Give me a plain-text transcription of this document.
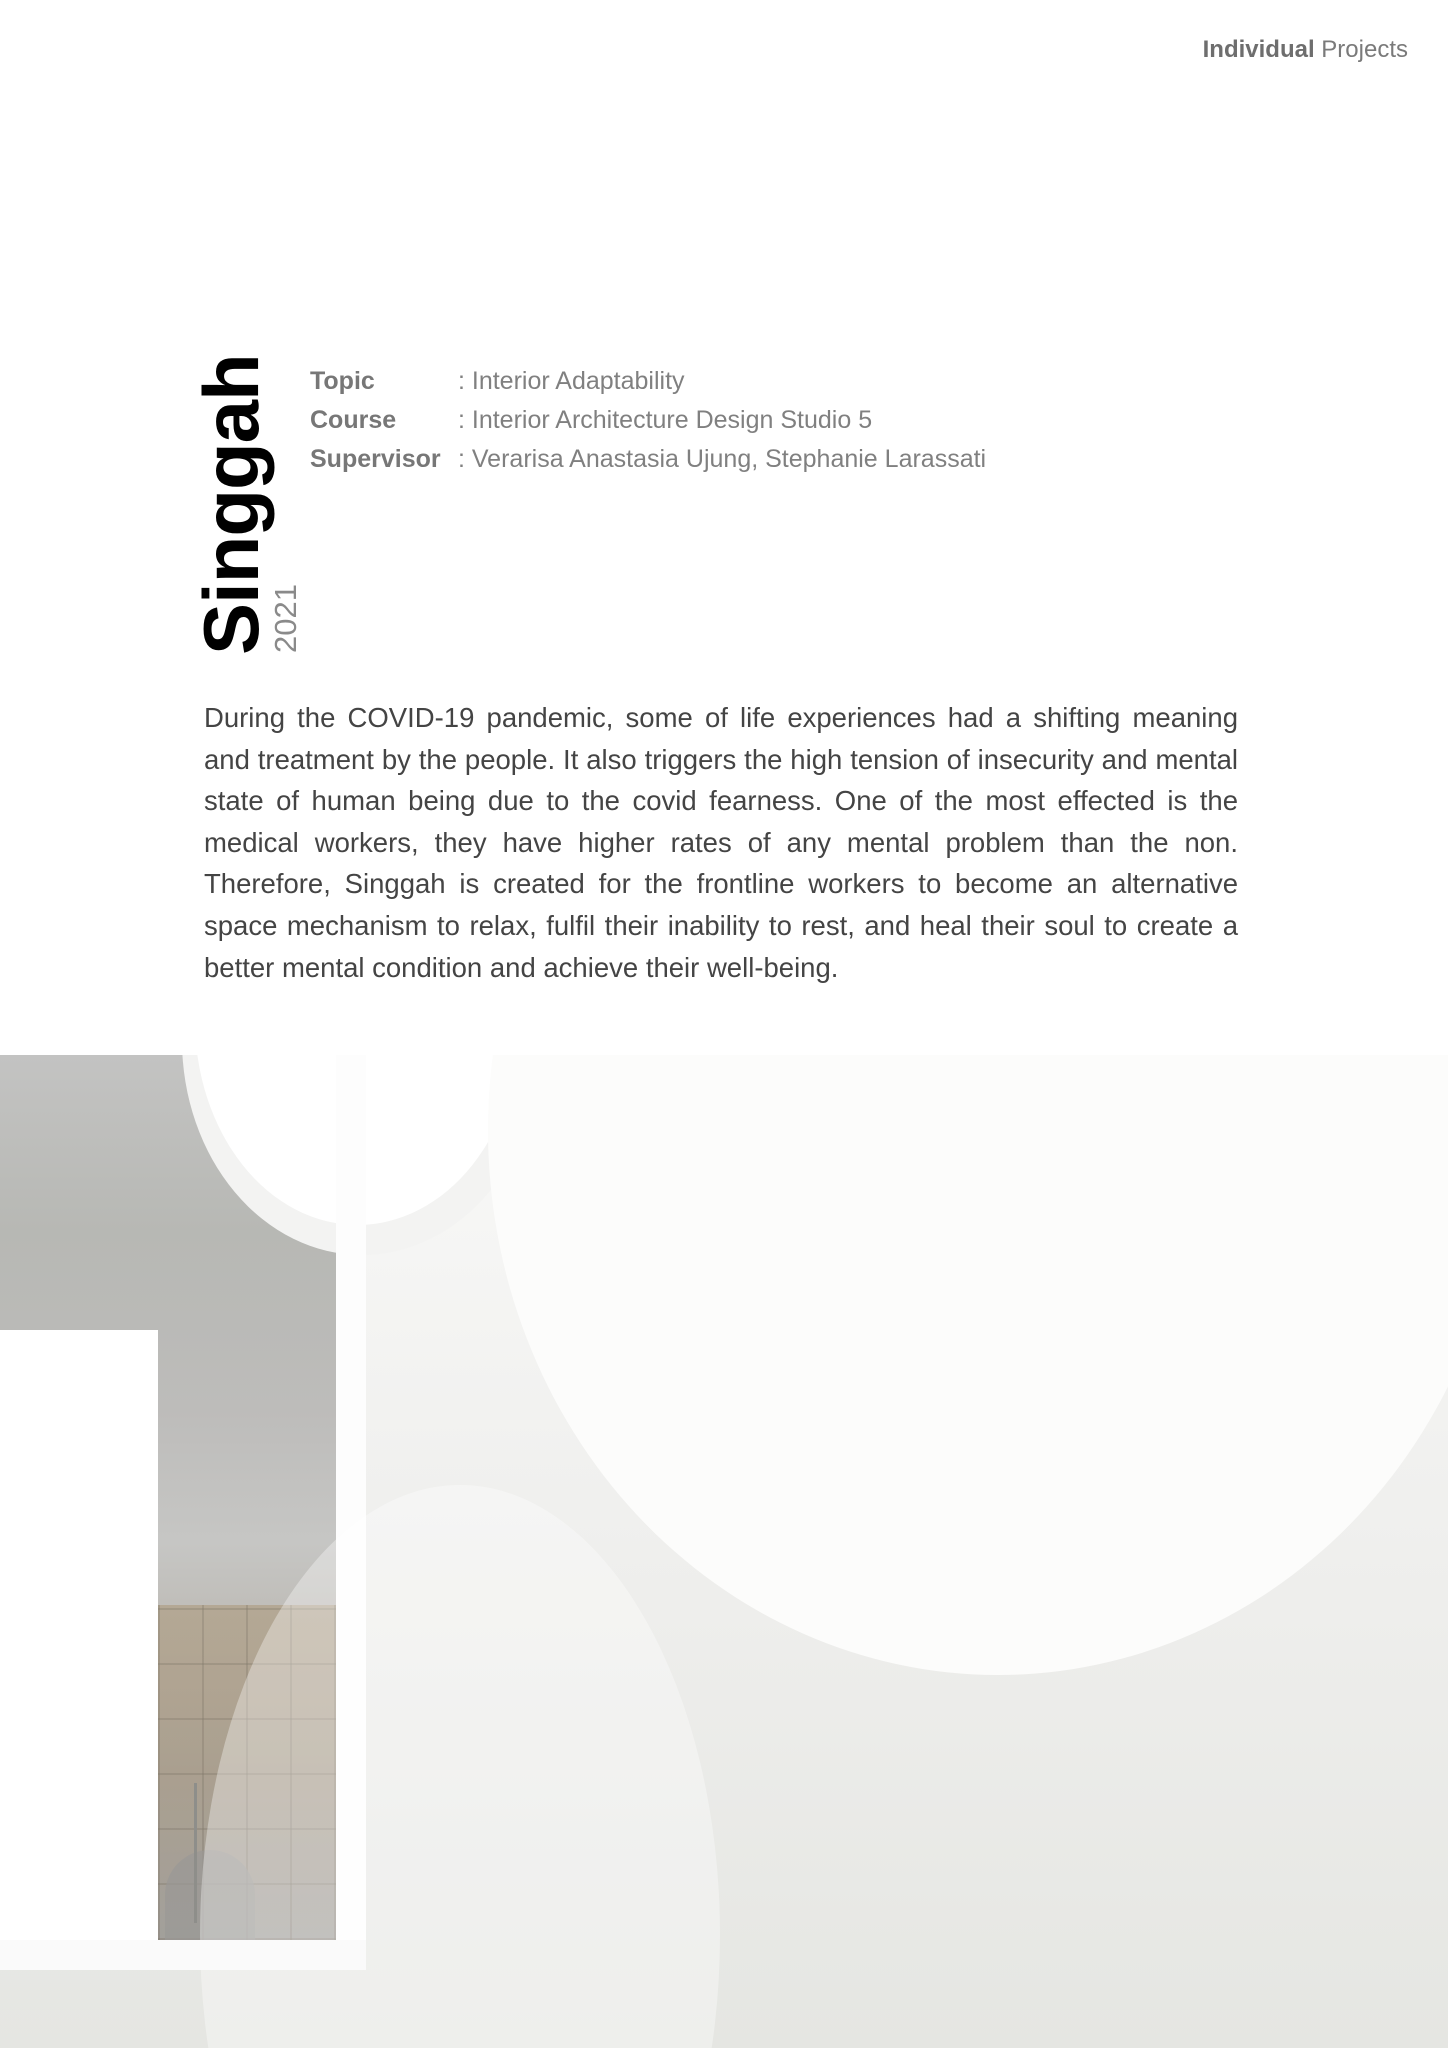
Individual Projects
Singgah
2021
Topic	: Interior Adaptability
Course	: Interior Architecture Design Studio 5
Supervisor : Verarisa Anastasia Ujung, Stephanie Larassati

During the COVID-19 pandemic, some of life experiences had a shifting meaning and treatment by the people. It also triggers the high tension of insecurity and mental state of human being due to the covid fearness. One of the most effected is the medical workers, they have higher rates of any mental problem than the non. Therefore, Singgah is created for the frontline workers to become an alternative space mechanism to relax, fulfil their inability to rest, and heal their soul to create a better mental condition and achieve their well-being.
